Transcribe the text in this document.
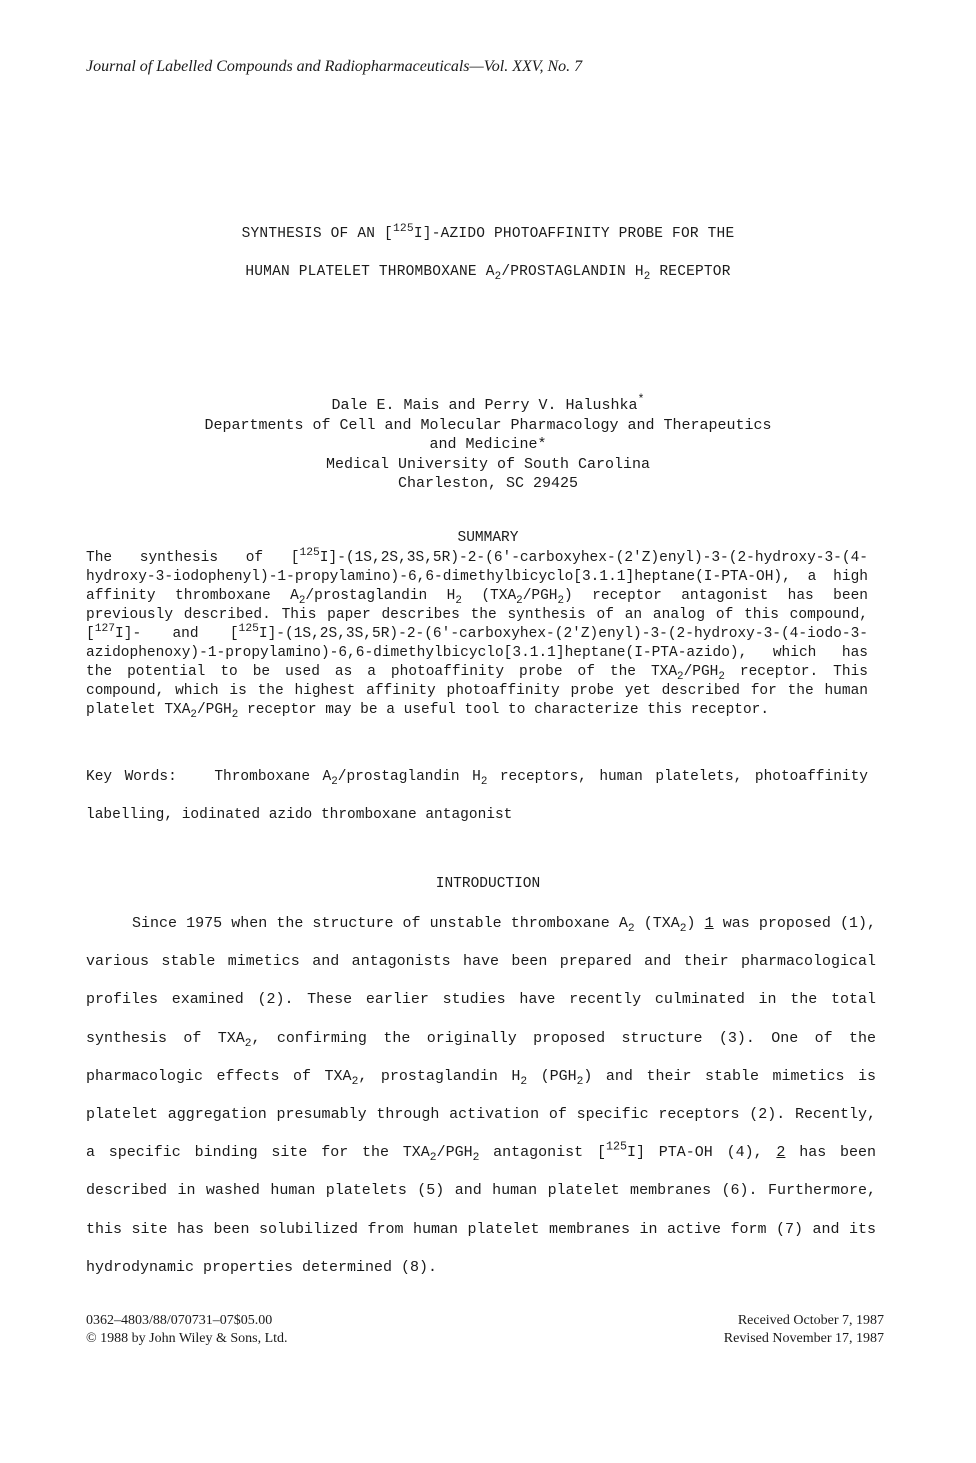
Journal of Labelled Compounds and Radiopharmaceuticals—Vol. XXV, No. 7
SYNTHESIS OF AN [$^{125}$I]-AZIDO PHOTOAFFINITY PROBE FOR THE
HUMAN PLATELET THROMBOXANE $A_2$/PROSTAGLANDIN $H_2$ RECEPTOR
Dale E. Mais and Perry V. Halushka*
Departments of Cell and Molecular Pharmacology and Therapeutics
and Medicine*
Medical University of South Carolina
Charleston, SC 29425
SUMMARY

The synthesis of [$^{125}$I]-(1S,2S,3S,5R)-2-(6'-carboxyhex-(2'Z)enyl)-3-(2-hydroxy-3-(4-hydroxy-3-iodophenyl)-1-propylamino)-6,6-dimethylbicyclo[3.1.1]heptane(I-PTA-OH), a high affinity thromboxane $A_2$/prostaglandin $H_2$ $(TXA_2/PGH_2)$ receptor antagonist has been previously described. This paper describes the synthesis of an analog of this compound, [$^{127}$I]- and [$^{125}$I]-(1S,2S,3S,5R)-2-(6'-carboxyhex-(2'Z)enyl)-3-(2-hydroxy-3-(4-iodo-3-azidophenoxy)-1-propylamino)-6,6-dimethylbicyclo[3.1.1]heptane(I-PTA-azido), which has the potential to be used as a photoaffinity probe of the $TXA_2/PGH_2$ receptor. This compound, which is the highest affinity photoaffinity probe yet described for the human platelet $TXA_2/PGH_2$ receptor may be a useful tool to characterize this receptor.

Key Words:	Thromboxane $A_2$/prostaglandin $H_2$ receptors, human platelets, photoaffinity labelling, iodinated azido thromboxane antagonist
INTRODUCTION

Since 1975 when the structure of unstable thromboxane $A_2$ $(TXA_2)$ 1 was proposed (1), various stable mimetics and antagonists have been prepared and their pharmacological profiles examined (2). These earlier studies have recently culminated in the total synthesis of $TXA_2$, confirming the originally proposed structure (3). One of the pharmacologic effects of $TXA_2$, prostaglandin $H_2$ $(PGH_2)$ and their stable mimetics is platelet aggregation presumably through activation of specific receptors (2). Recently, a specific binding site for the $TXA_2/PGH_2$ antagonist [$^{125}$I] PTA-OH (4), 2 has been described in washed human platelets (5) and human platelet membranes (6). Furthermore, this site has been solubilized from human platelet membranes in active form (7) and its hydrodynamic properties determined (8).

0362–4803/88/070731–07$05.00
© 1988 by John Wiley & Sons, Ltd.
Received October 7, 1987
Revised November 17, 1987
